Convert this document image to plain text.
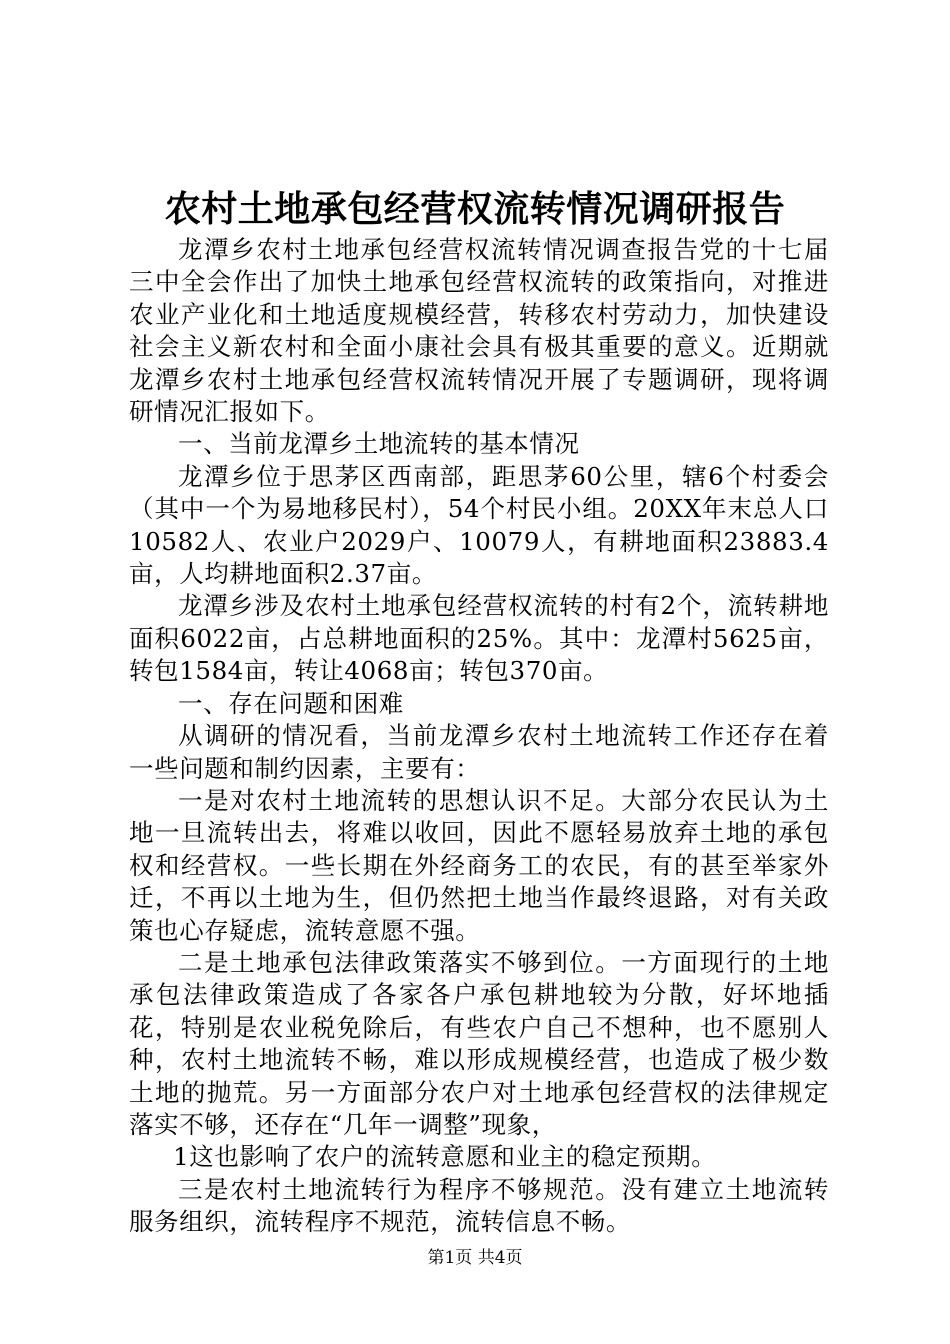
农村土地承包经营权流转情况调研报告

龙潭乡农村土地承包经营权流转情况调查报告党的十七届三中全会作出了加快土地承包经营权流转的政策指向，对推进农业产业化和土地适度规模经营，转移农村劳动力，加快建设社会主义新农村和全面小康社会具有极其重要的意义。近期就龙潭乡农村土地承包经营权流转情况开展了专题调研，现将调研情况汇报如下。

一、当前龙潭乡土地流转的基本情况

龙潭乡位于思茅区西南部，距思茅60公里，辖6个村委会（其中一个为易地移民村），54个村民小组。20XX年末总人口10582人、农业户2029户、10079人，有耕地面积23883.4亩，人均耕地面积2.37亩。

龙潭乡涉及农村土地承包经营权流转的村有2个，流转耕地面积6022亩，占总耕地面积的25%。其中：龙潭村5625亩，转包1584亩，转让4068亩；转包370亩。

一、存在问题和困难

从调研的情况看，当前龙潭乡农村土地流转工作还存在着一些问题和制约因素，主要有：

一是对农村土地流转的思想认识不足。大部分农民认为土地一旦流转出去，将难以收回，因此不愿轻易放弃土地的承包权和经营权。一些长期在外经商务工的农民，有的甚至举家外迁，不再以土地为生，但仍然把土地当作最终退路，对有关政策也心存疑虑，流转意愿不强。

二是土地承包法律政策落实不够到位。一方面现行的土地承包法律政策造成了各家各户承包耕地较为分散，好坏地插花，特别是农业税免除后，有些农户自己不想种，也不愿别人种，农村土地流转不畅，难以形成规模经营，也造成了极少数土地的抛荒。另一方面部分农户对土地承包经营权的法律规定落实不够，还存在“几年一调整”现象，

1这也影响了农户的流转意愿和业主的稳定预期。

三是农村土地流转行为程序不够规范。没有建立土地流转服务组织，流转程序不规范，流转信息不畅。

第1页 共4页
